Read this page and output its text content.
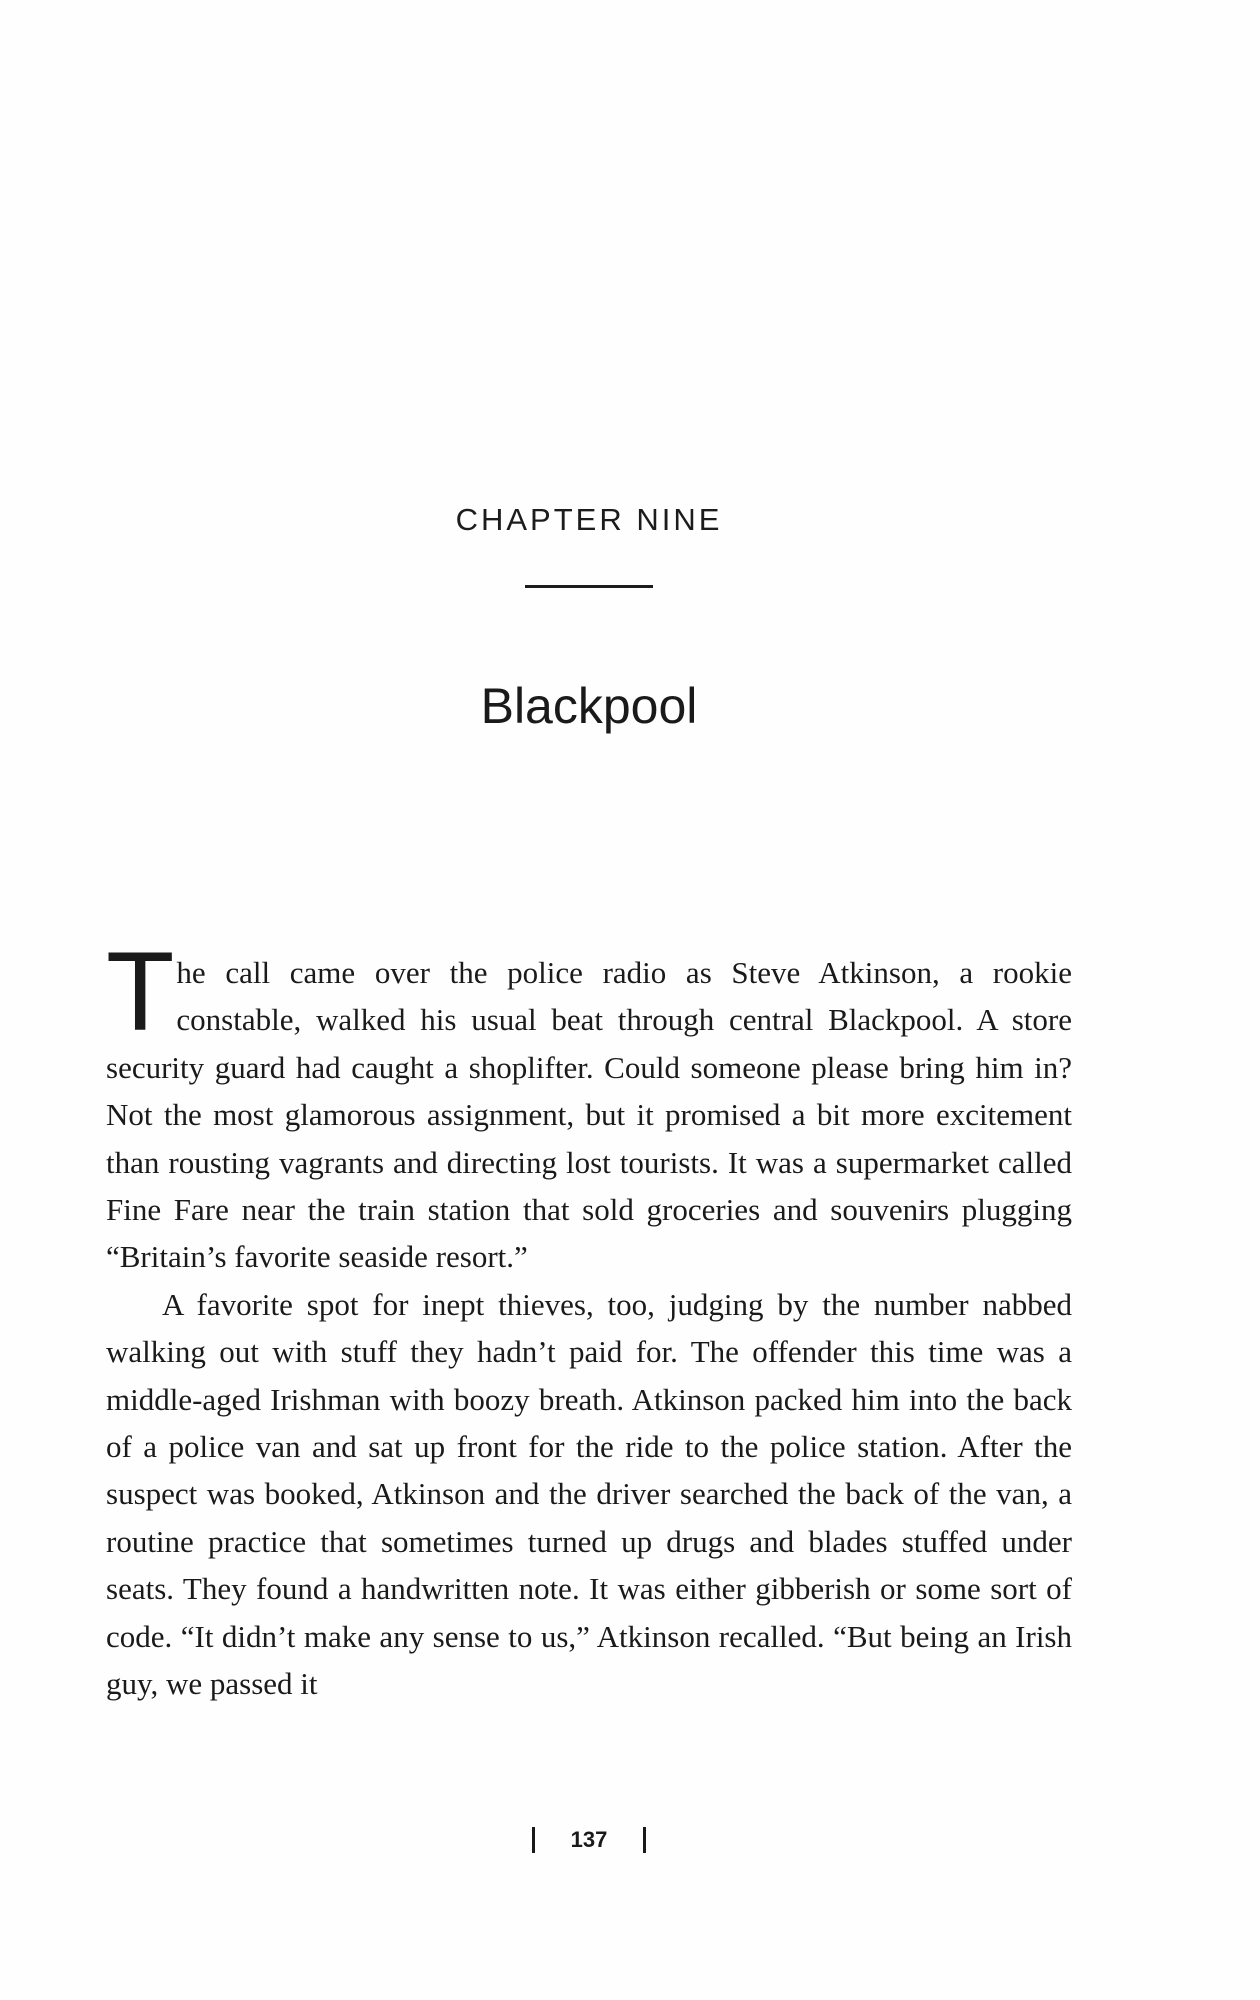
CHAPTER NINE
Blackpool

The call came over the police radio as Steve Atkinson, a rookie constable, walked his usual beat through central Blackpool. A store security guard had caught a shoplifter. Could someone please bring him in? Not the most glamorous assignment, but it promised a bit more excitement than rousting vagrants and directing lost tourists. It was a supermarket called Fine Fare near the train station that sold groceries and souvenirs plugging “Britain’s favorite seaside resort.”

A favorite spot for inept thieves, too, judging by the number nabbed walking out with stuff they hadn’t paid for. The offender this time was a middle-aged Irishman with boozy breath. Atkinson packed him into the back of a police van and sat up front for the ride to the police station. After the suspect was booked, Atkinson and the driver searched the back of the van, a routine practice that sometimes turned up drugs and blades stuffed under seats. They found a handwritten note. It was either gibberish or some sort of code. “It didn’t make any sense to us,” Atkinson recalled. “But being an Irish guy, we passed it

137
